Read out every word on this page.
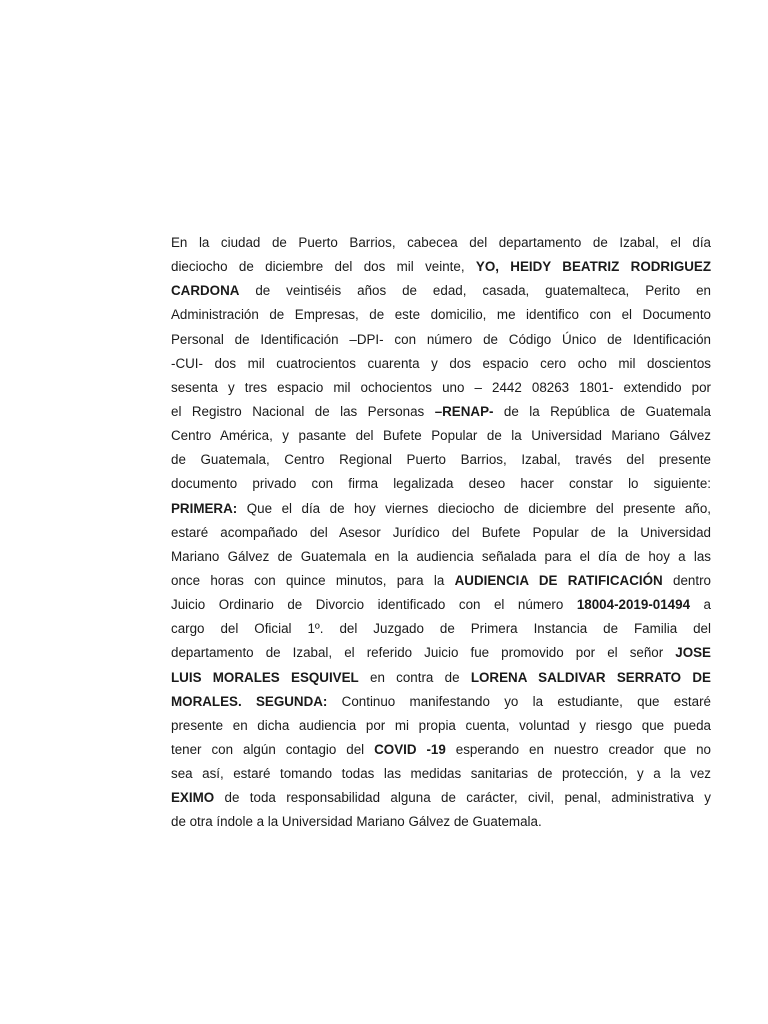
En la ciudad de Puerto Barrios, cabecea del departamento de Izabal, el día
dieciocho de diciembre del dos mil veinte, YO, HEIDY BEATRIZ RODRIGUEZ
CARDONA de veintiséis años de edad, casada, guatemalteca, Perito en
Administración de Empresas, de este domicilio, me identifico con el Documento
Personal de Identificación –DPI- con número de Código Único de Identificación
-CUI- dos mil cuatrocientos cuarenta y dos espacio cero ocho mil doscientos
sesenta y tres espacio mil ochocientos uno – 2442 08263 1801- extendido por
el Registro Nacional de las Personas –RENAP- de la República de Guatemala
Centro América, y pasante del Bufete Popular de la Universidad Mariano Gálvez
de Guatemala, Centro Regional Puerto Barrios, Izabal, través del presente
documento privado con firma legalizada deseo hacer constar lo siguiente:
PRIMERA: Que el día de hoy viernes dieciocho de diciembre del presente año,
estaré acompañado del Asesor Jurídico del Bufete Popular de la Universidad
Mariano Gálvez de Guatemala en la audiencia señalada para el día de hoy a las
once horas con quince minutos, para la AUDIENCIA DE RATIFICACIÓN dentro
Juicio Ordinario de Divorcio identificado con el número 18004-2019-01494 a
cargo del Oficial 1º. del Juzgado de Primera Instancia de Familia del
departamento de Izabal, el referido Juicio fue promovido por el señor JOSE
LUIS MORALES ESQUIVEL en contra de LORENA SALDIVAR SERRATO DE
MORALES. SEGUNDA: Continuo manifestando yo la estudiante, que estaré
presente en dicha audiencia por mi propia cuenta, voluntad y riesgo que pueda
tener con algún contagio del COVID -19 esperando en nuestro creador que no
sea así, estaré tomando todas las medidas sanitarias de protección, y a la vez
EXIMO de toda responsabilidad alguna de carácter, civil, penal, administrativa y
de otra índole a la Universidad Mariano Gálvez de Guatemala.
